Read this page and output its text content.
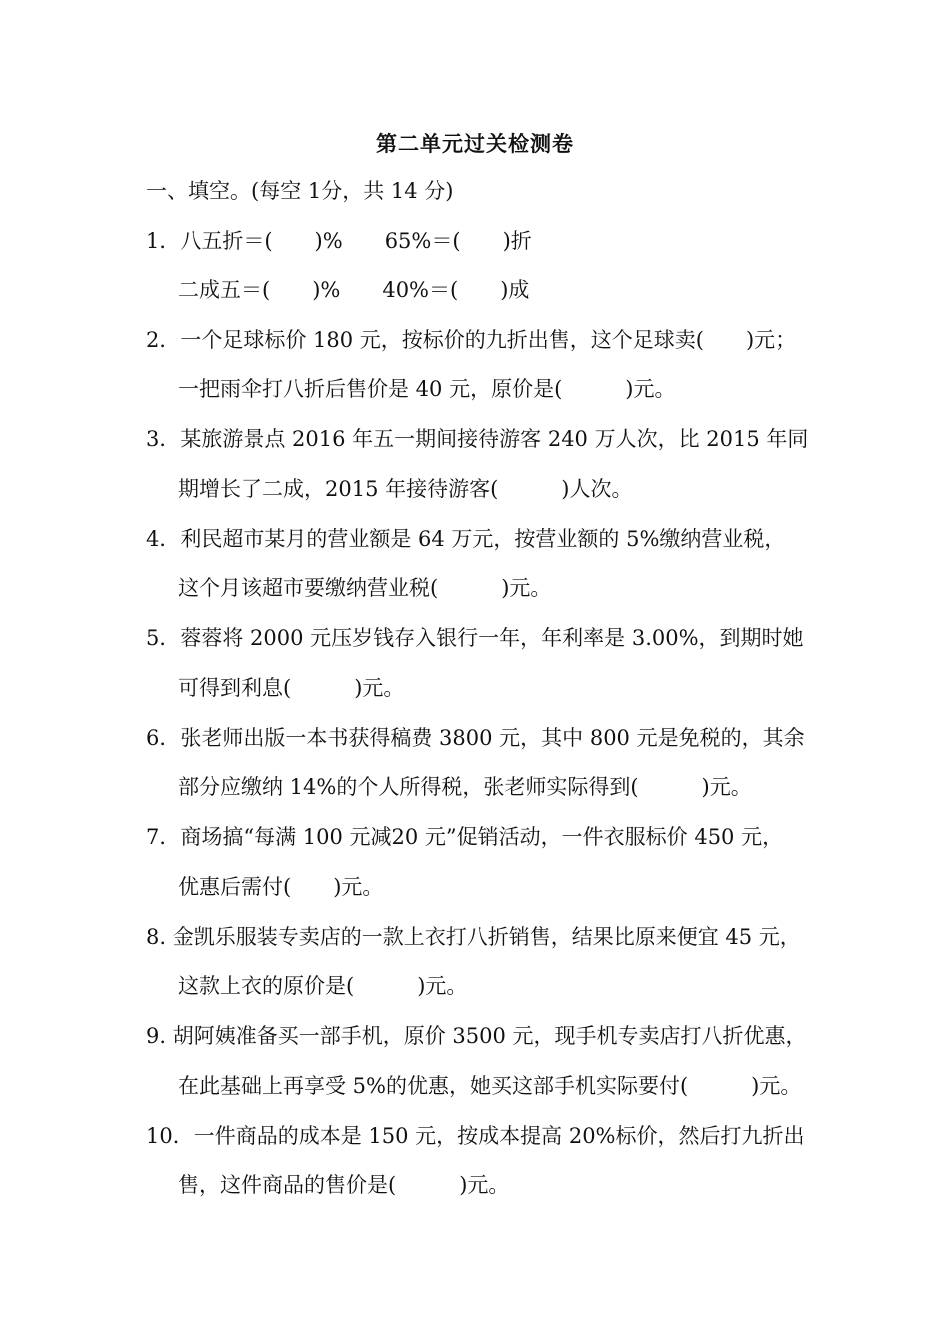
第二单元过关检测卷
一、填空。(每空 1分，共 14 分)
1．八五折＝(　　)%　　65%＝(　　)折
二成五＝(　　)%　　40%＝(　　)成
2．一个足球标价 180 元，按标价的九折出售，这个足球卖(　　)元；
一把雨伞打八折后售价是 40 元，原价是(　　　)元。
3．某旅游景点 2016 年五一期间接待游客 240 万人次，比 2015 年同
期增长了二成，2015 年接待游客(　　　)人次。
4．利民超市某月的营业额是 64 万元，按营业额的 5%缴纳营业税，
这个月该超市要缴纳营业税(　　　)元。
5．蓉蓉将 2000 元压岁钱存入银行一年，年利率是 3.00%，到期时她
可得到利息(　　　)元。
6．张老师出版一本书获得稿费 3800 元，其中 800 元是免税的，其余
部分应缴纳 14%的个人所得税，张老师实际得到(　　　)元。
7．商场搞“每满 100 元减20 元”促销活动，一件衣服标价 450 元，
优惠后需付(　　)元。
8. 金凯乐服装专卖店的一款上衣打八折销售，结果比原来便宜 45 元，
这款上衣的原价是(　　　)元。
9. 胡阿姨准备买一部手机，原价 3500 元，现手机专卖店打八折优惠，
在此基础上再享受 5%的优惠，她买这部手机实际要付(　　　)元。
10．一件商品的成本是 150 元，按成本提高 20%标价，然后打九折出
售，这件商品的售价是(　　　)元。
